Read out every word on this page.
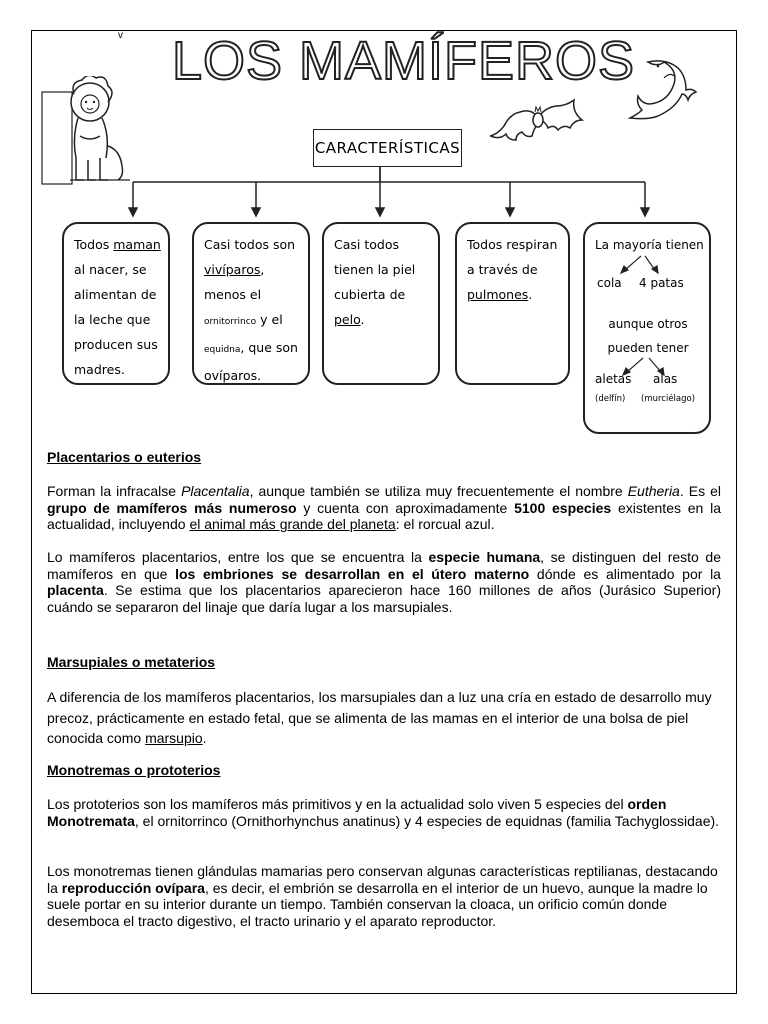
v LOS MAMÍFEROS
CARACTERÍSTICAS
Todos maman al nacer, se alimentan de la leche que producen sus madres.
Casi todos son vivíparos, menos el ornitorrinco y el equidna, que son ovíparos.
Casi todos tienen la piel cubierta de pelo.
Todos respiran a través de pulmones.
La mayoría tienen
cola 4 patas
aunque otros pueden tener
aletas alas
(delfín) (murciélago)
Placentarios o euterios
Forman la infracalse Placentalia, aunque también se utiliza muy frecuentemente el nombre Eutheria. Es el grupo de mamíferos más numeroso y cuenta con aproximadamente 5100 especies existentes en la actualidad, incluyendo el animal más grande del planeta: el rorcual azul.
Lo mamíferos placentarios, entre los que se encuentra la especie humana, se distinguen del resto de mamíferos en que los embriones se desarrollan en el útero materno dónde es alimentado por la placenta. Se estima que los placentarios aparecieron hace 160 millones de años (Jurásico Superior) cuándo se separaron del linaje que daría lugar a los marsupiales.
Marsupiales o metaterios
A diferencia de los mamíferos placentarios, los marsupiales dan a luz una cría en estado de desarrollo muy precoz, prácticamente en estado fetal, que se alimenta de las mamas en el interior de una bolsa de piel conocida como marsupio.
Monotremas o prototerios
Los prototerios son los mamíferos más primitivos y en la actualidad solo viven 5 especies del orden Monotremata, el ornitorrinco (Ornithorhynchus anatinus) y 4 especies de equidnas (familia Tachyglossidae).
Los monotremas tienen glándulas mamarias pero conservan algunas características reptilianas, destacando la reproducción ovípara, es decir, el embrión se desarrolla en el interior de un huevo, aunque la madre lo suele portar en su interior durante un tiempo. También conservan la cloaca, un orificio común donde desemboca el tracto digestivo, el tracto urinario y el aparato reproductor.
